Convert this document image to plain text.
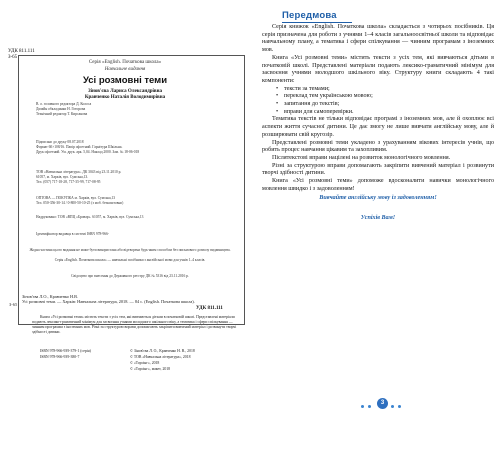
УДК 811.111
З-65
Серія «English. Початкова школа»
Навчальне видання
Усі розмовні теми
Зінов'єва Лариса Олександрівна
Кравченко Наталія Володимирівна
В. о. головного редактора Д. Колоса
Дизайн обкладинки Н. Готорова
Технічний редактор Т. Кирсанова
Підписано до друку 08.07.2018
Формат 60×108/16. Папір офсетний. Гарнітура Шкільна.
Друк офсетний. Ум. друк. арк. 5,04. Наклад 2000. Зам. № 18-06-018
ТОВ «Навчальна література». ДК 3043 від 23.11.2010 р.
61057, м. Харків, вул. Сумська,13.
Тел. (057) 717-18-28, 717-35-99, 717-08-95
ОПТОВА — ПОКУПКА м. Харків, вул. Сумська,13
Тел. 050-356-30-14 / 0-800-50-10-25 (з моб. безкоштовно)
Надруковано: ТОВ «ВПЦ «Бровар». 61057, м. Харків, вул. Сумська,13
Ідентифікатор видавця в системі ISBN 978-966-
Жодна частина цього видання не може бути використана або відтворена будь-яким способом без письмового дозволу видавництва.
Серія «English. Початкова школа» — навчальні посібники з англійської мови для учнів 1–4 класів.
Свідоцтво про внесення до Державного реєстру ДК № 5316 від 23.11.2016 р.
З-65
Зінов'єва Л.О., Кравченко Н.В.
Усі розмовні теми. — Харків: Навчальна література, 2018. — 84 с. (English. Початкова школа).
УДК 811.111
Книга «Усі розмовні теми» містить тексти з усіх тем, які вивчаються дітьми в початковій школі. Представлені матеріали подають лексико-граматичний мінімум для засвоєння учнями молодшого шкільного віку, а тематика і сфери спілкування — чинним програмам з іноземних мов. Різні за структурою вправи допомагають закріпити вивчений матеріал і розвинути творчі здібності дитини.
ISBN 978-966-939-379-1 (серія)
ISBN 978-966-939-380-7
© Зінов'єва Л. О., Кравченко Н. В., 2018
© ТОВ «Навчальна література», 2018
© «Торсінг», 2018
© «Торсінг», макет, 2018
Передмова

Серія книжок «English. Початкова школа» складається з чотирьох посібників. Ця серія призначена для роботи з учнями 1–4 класів загальноосвітньої школи та відповідає навчальному плану, а тематика і сфери спілкування — чинним програмам з іноземних мов.

Книга «Усі розмовні теми» містить тексти з усіх тем, які вивчаються дітьми в початковій школі. Представлені матеріали подають лексико-граматичний мінімум для засвоєння учнями молодшого шкільного віку. Структуру книги складають 4 такі компоненти:

• тексти за темами;
• переклад тем українською мовою;
• запитання до текстів;
• вправи для самоперевірки.

Тематика текстів не тільки відповідає програмі з іноземних мов, але й охоплює всі аспекти життя сучасної дитини. Це дає змогу не лише вивчати англійську мову, але й розширювати свій кругозір.

Представлені розмовні теми укладено з урахуванням вікових інтересів учнів, що робить процес навчання цікавим та захопливим.

Післятекстові вправи націлені на розвиток монологічного мовлення.

Різні за структурою вправи допомагають закріпити вивчений матеріал і розвинути творчі здібності дитини.

Книга «Усі розмовні теми» допоможе вдосконалити навички монологічного мовлення швидко і з задоволенням!

Вивчайте англійську мову із задоволенням!

Успіхів Вам!

3
